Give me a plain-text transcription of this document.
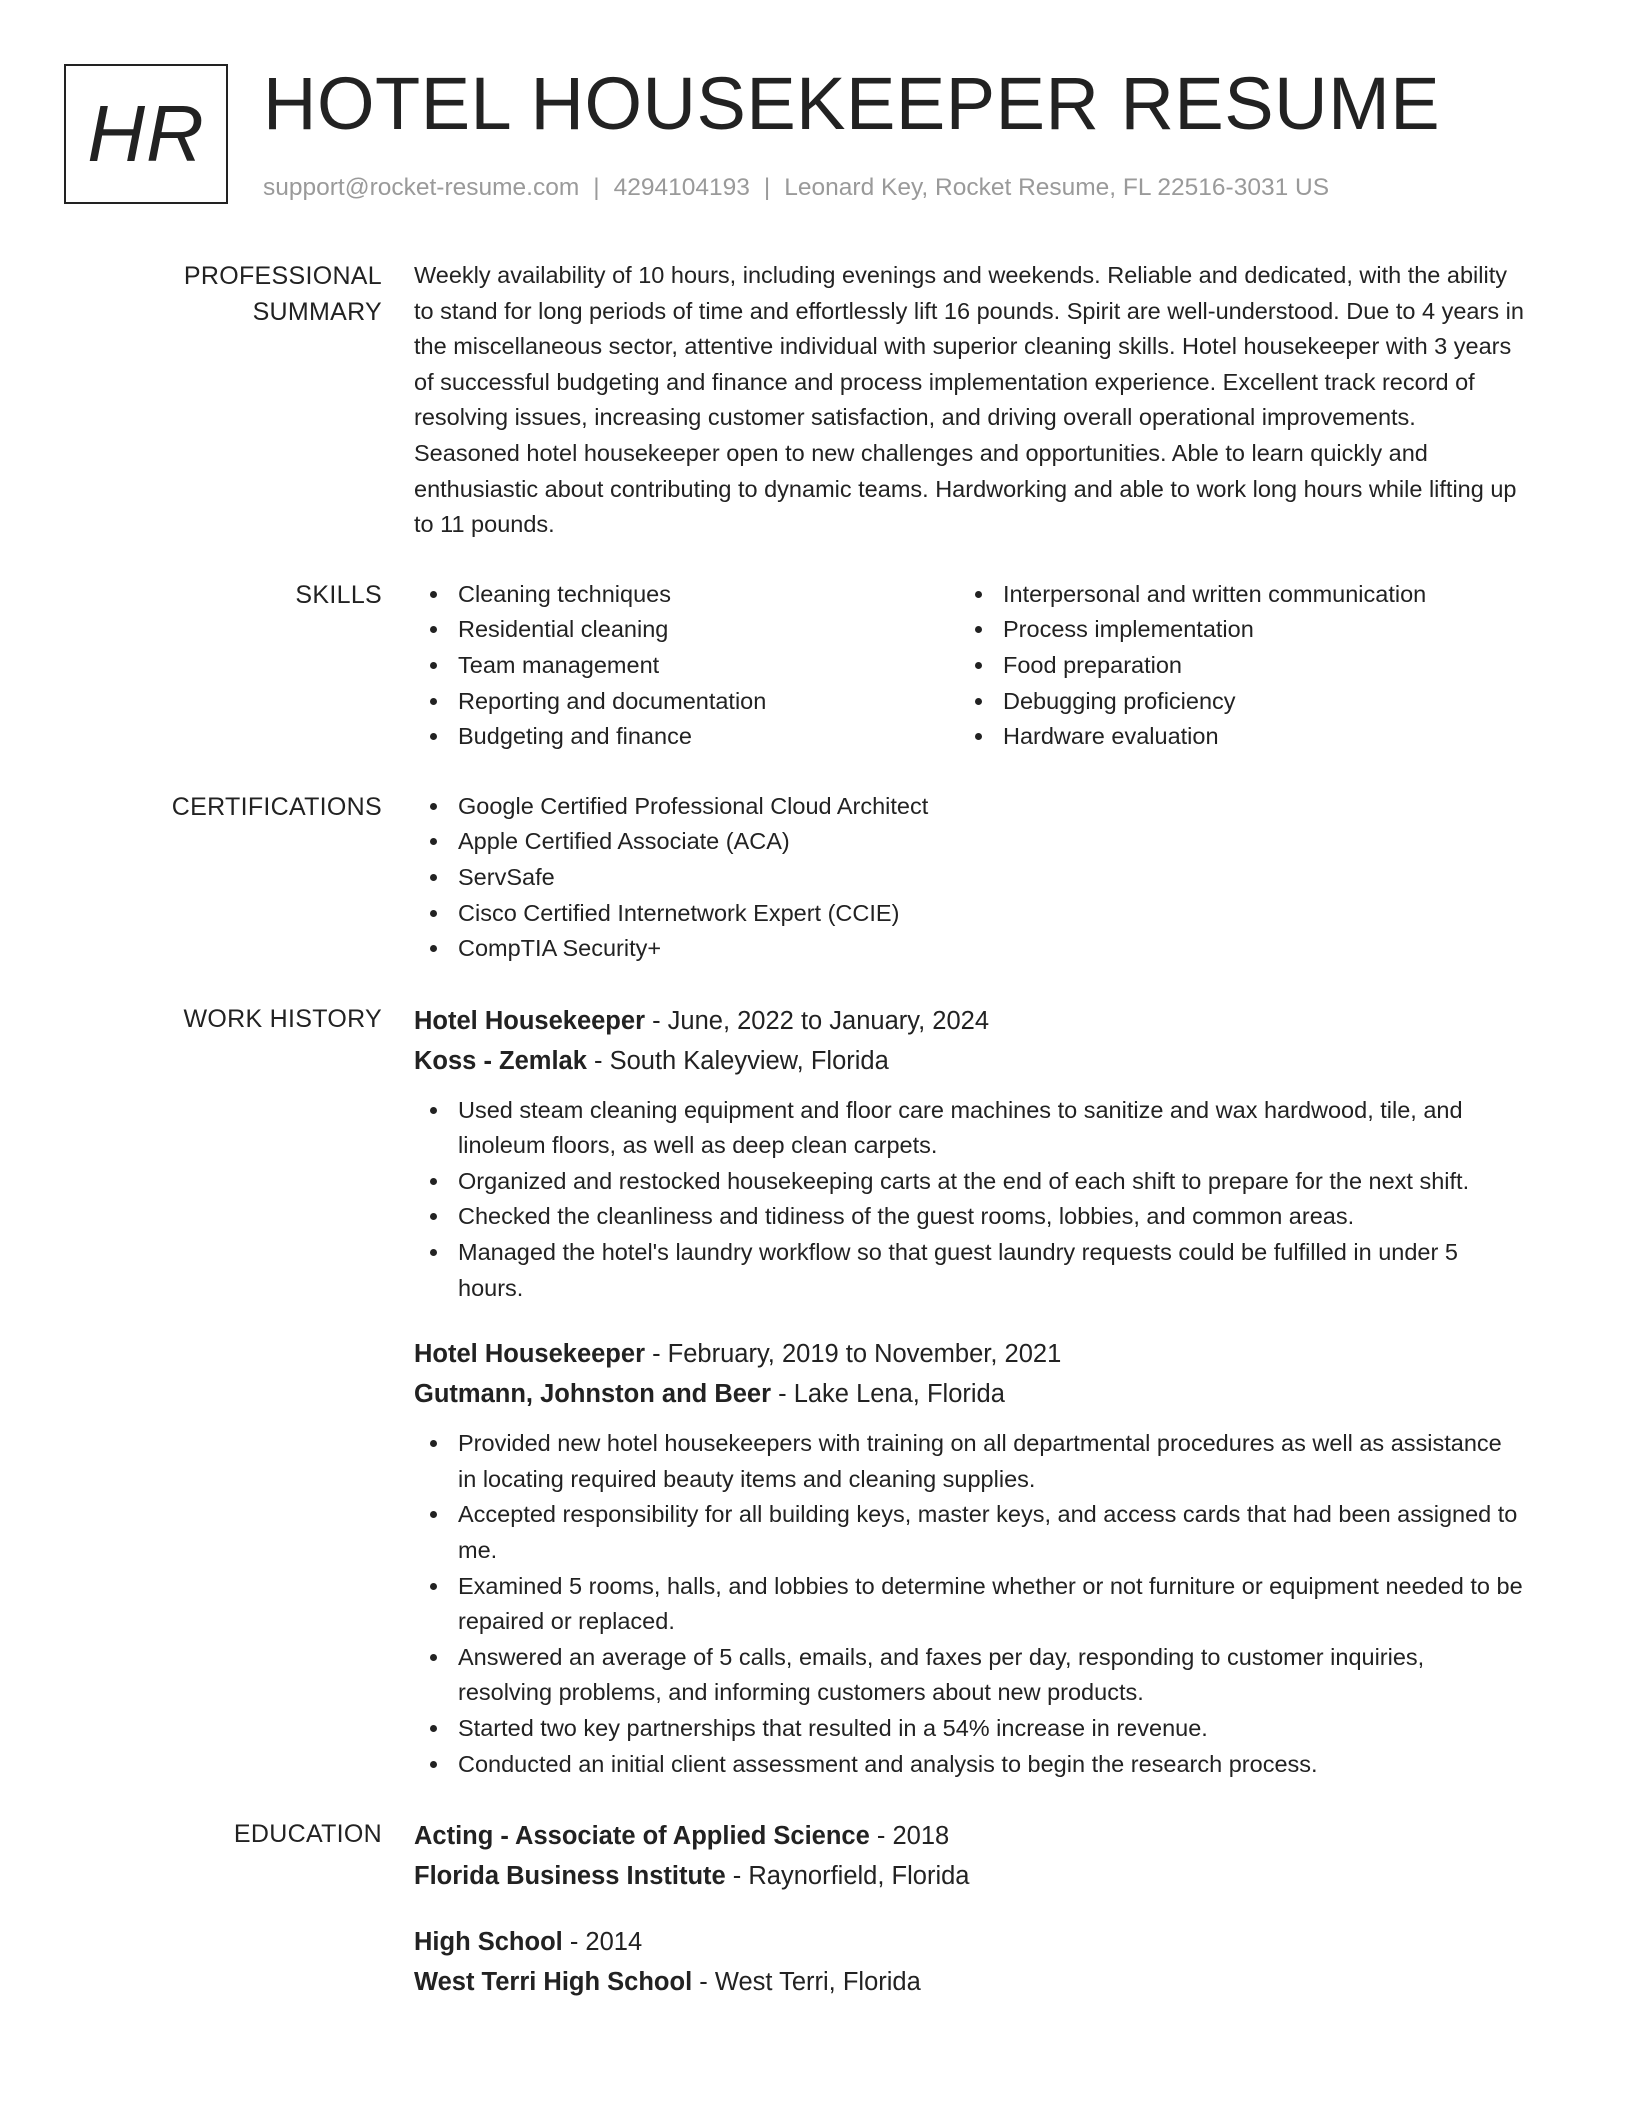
HR HOTEL HOUSEKEEPER RESUME
support@rocket-resume.com | 4294104193 | Leonard Key, Rocket Resume, FL 22516-3031 US
PROFESSIONAL SUMMARY

Weekly availability of 10 hours, including evenings and weekends. Reliable and dedicated, with the ability to stand for long periods of time and effortlessly lift 16 pounds. Spirit are well-understood. Due to 4 years in the miscellaneous sector, attentive individual with superior cleaning skills. Hotel housekeeper with 3 years of successful budgeting and finance and process implementation experience. Excellent track record of resolving issues, increasing customer satisfaction, and driving overall operational improvements. Seasoned hotel housekeeper open to new challenges and opportunities. Able to learn quickly and enthusiastic about contributing to dynamic teams. Hardworking and able to work long hours while lifting up to 11 pounds.

SKILLS	Cleaning techniques	Interpersonal and written communication
Residential cleaning	Process implementation
Team management	Food preparation
Reporting and documentation	Debugging proficiency
Budgeting and finance	Hardware evaluation
CERTIFICATIONS	Google Certified Professional Cloud Architect
Apple Certified Associate (ACA)
ServSafe
Cisco Certified Internetwork Expert (CCIE)
CompTIA Security+
WORK HISTORY	Hotel Housekeeper - June, 2022 to January, 2024
Koss - Zemlak - South Kaleyview, Florida
Used steam cleaning equipment and floor care machines to sanitize and wax hardwood, tile, and linoleum floors, as well as deep clean carpets.
Organized and restocked housekeeping carts at the end of each shift to prepare for the next shift.
Checked the cleanliness and tidiness of the guest rooms, lobbies, and common areas.
Managed the hotel's laundry workflow so that guest laundry requests could be fulfilled in under 5 hours.
Hotel Housekeeper - February, 2019 to November, 2021
Gutmann, Johnston and Beer - Lake Lena, Florida
Provided new hotel housekeepers with training on all departmental procedures as well as assistance in locating required beauty items and cleaning supplies.
Accepted responsibility for all building keys, master keys, and access cards that had been assigned to me.
Examined 5 rooms, halls, and lobbies to determine whether or not furniture or equipment needed to be repaired or replaced.
Answered an average of 5 calls, emails, and faxes per day, responding to customer inquiries, resolving problems, and informing customers about new products.
Started two key partnerships that resulted in a 54% increase in revenue.
Conducted an initial client assessment and analysis to begin the research process.
EDUCATION	Acting - Associate of Applied Science - 2018
Florida Business Institute - Raynorfield, Florida
High School - 2014
West Terri High School - West Terri, Florida
